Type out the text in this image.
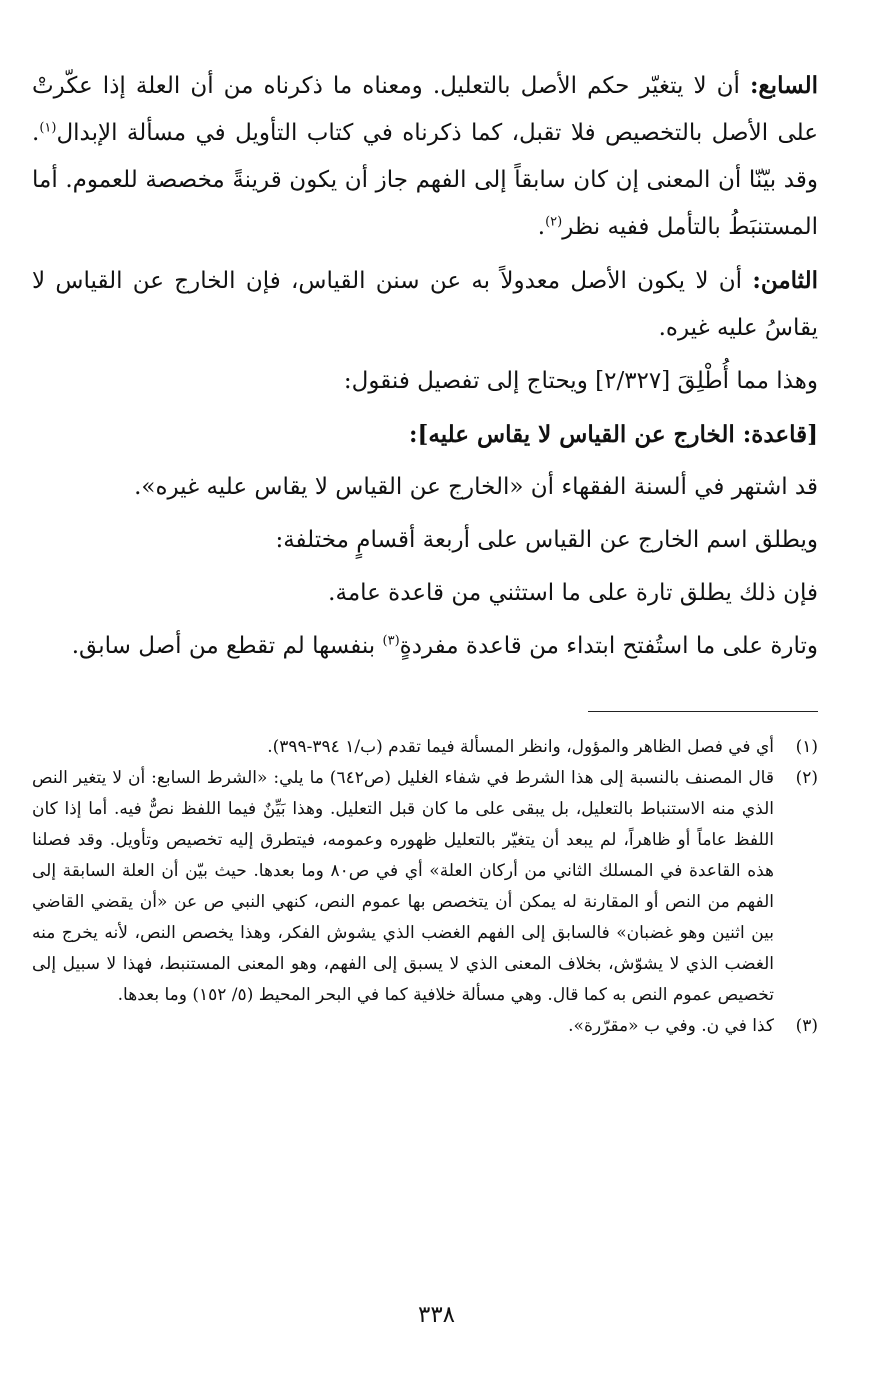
السابع: أن لا يتغيّر حكم الأصل بالتعليل. ومعناه ما ذكرناه من أن العلة إذا عكّرتْ على الأصل بالتخصيص فلا تقبل، كما ذكرناه في كتاب التأويل في مسألة الإبدال$^{(١)}$. وقد بيّنّا أن المعنى إن كان سابقاً إلى الفهم جاز أن يكون قرينةً مخصصة للعموم. أما المستنبَطُ بالتأمل ففيه نظر$^{(٢)}$.

الثامن: أن لا يكون الأصل معدولاً به عن سنن القياس، فإن الخارج عن القياس لا يقاسُ عليه غيره.

وهذا مما أُطْلِقَ [٢/٣٢٧] ويحتاج إلى تفصيل فنقول:

[قاعدة: الخارج عن القياس لا يقاس عليه]:

قد اشتهر في ألسنة الفقهاء أن «الخارج عن القياس لا يقاس عليه غيره».

ويطلق اسم الخارج عن القياس على أربعة أقسامٍ مختلفة:

فإن ذلك يطلق تارة على ما استثني من قاعدة عامة.

وتارة على ما استُفتح ابتداء من قاعدة مفردةٍ$^{(٣)}$ بنفسها لم تقطع من أصل سابق.

(١)
أي في فصل الظاهر والمؤول، وانظر المسألة فيما تقدم (ب/١ ٣٩٤-٣٩٩).
(٢)
قال المصنف بالنسبة إلى هذا الشرط في شفاء الغليل (ص٦٤٢) ما يلي: «الشرط السابع: أن لا يتغير النص الذي منه الاستنباط بالتعليل، بل يبقى على ما كان قبل التعليل. وهذا بَيِّنٌ فيما اللفظ نصٌّ فيه. أما إذا كان اللفظ عاماً أو ظاهراً، لم يبعد أن يتغيّر بالتعليل ظهوره وعمومه، فيتطرق إليه تخصيص وتأويل. وقد فصلنا هذه القاعدة في المسلك الثاني من أركان العلة» أي في ص٨٠ وما بعدها. حيث بيّن أن العلة السابقة إلى الفهم من النص أو المقارنة له يمكن أن يتخصص بها عموم النص، كنهي النبي ص عن «أن يقضي القاضي بين اثنين وهو غضبان» فالسابق إلى الفهم الغضب الذي يشوش الفكر، وهذا يخصص النص، لأنه يخرج منه الغضب الذي لا يشوّش، بخلاف المعنى الذي لا يسبق إلى الفهم، وهو المعنى المستنبط، فهذا لا سبيل إلى تخصيص عموم النص به كما قال. وهي مسألة خلافية كما في البحر المحيط (٥/ ١٥٢) وما بعدها.
(٣)
كذا في ن. وفي ب «مقرّرة».
٣٣٨
